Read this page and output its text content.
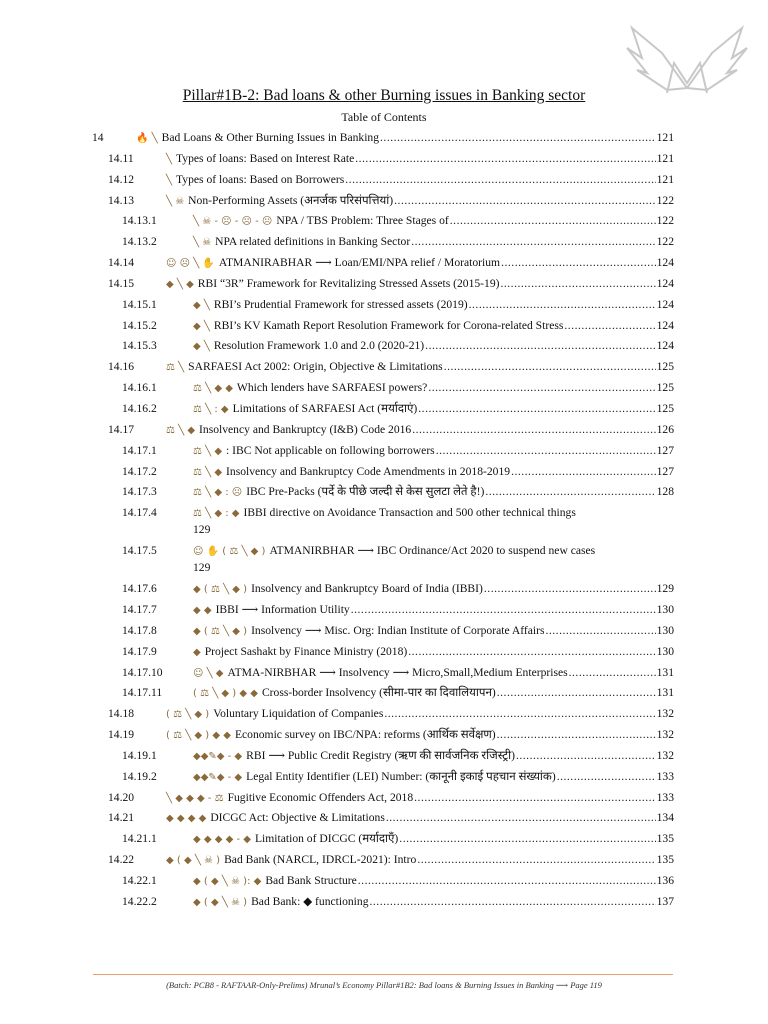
Pillar#1B-2: Bad loans & other Burning issues in Banking sector
Table of Contents
14	🔥 ╲ Bad Loans & Other Burning Issues in Banking .....	121
14.11	╲ Types of loans: Based on Interest Rate .....	121
14.12	╲ Types of loans: Based on Borrowers .....	121
14.13	╲ ☠ Non-Performing Assets (अनर्जक परिसंपत्तियां) .....	122
14.13.1	╲ ☠ - ☹ - ☹ - ☹ NPA / TBS Problem: Three Stages of .....	122
14.13.2	╲ ☠ NPA related definitions in Banking Sector .....	122
14.14	☺ ☹ ╲ ✋ ATMANIRABHAR ⟶ Loan/EMI/NPA relief / Moratorium .....	124
14.15	◆ ╲ ◆ RBI “3R” Framework for Revitalizing Stressed Assets (2015-19) .....	124
14.15.1	◆ ╲ RBI’s Prudential Framework for stressed assets (2019) .....	124
14.15.2	◆ ╲ RBI’s KV Kamath Report Resolution Framework for Corona-related Stress .....	124
14.15.3	◆ ╲ Resolution Framework 1.0 and 2.0 (2020-21) .....	124
14.16	⚖ ╲ SARFAESI Act 2002: Origin, Objective & Limitations .....	125
14.16.1	⚖ ╲ ◆ ◆ Which lenders have SARFAESI powers? .....	125
14.16.2	⚖ ╲ : ◆ Limitations of SARFAESI Act (मर्यादाएं) .....	125
14.17	⚖ ╲ ◆ Insolvency and Bankruptcy (I&B) Code 2016 .....	126
14.17.1	⚖ ╲ ◆ : IBC Not applicable on following borrowers .....	127
14.17.2	⚖ ╲ ◆ Insolvency and Bankruptcy Code Amendments in 2018-2019 .....	127
14.17.3	⚖ ╲ ◆ : ☹ IBC Pre-Packs (पर्दे के पीछे जल्दी से केस सुलटा लेते है!) .....	128
14.17.4	⚖ ╲ ◆ : ◆ IBBI directive on Avoidance Transaction and 500 other technical things
129
14.17.5	☺ ✋ ( ⚖ ╲ ◆ ) ATMANIRBHAR ⟶ IBC Ordinance/Act 2020 to suspend new cases
129
14.17.6	◆ ( ⚖ ╲ ◆ ) Insolvency and Bankruptcy Board of India (IBBI) .....	129
14.17.7	◆ ◆ IBBI ⟶ Information Utility .....	130
14.17.8	◆ ( ⚖ ╲ ◆ ) Insolvency ⟶ Misc. Org: Indian Institute of Corporate Affairs .....	130
14.17.9	◆ Project Sashakt by Finance Ministry (2018) .....	130
14.17.10	☺ ╲ ◆ ATMA-NIRBHAR ⟶ Insolvency ⟶ Micro,Small,Medium Enterprises .....	131
14.17.11	( ⚖ ╲ ◆ ) ◆ ◆ Cross-border Insolvency (सीमा-पार का दिवालियापन) .....	131
14.18	( ⚖ ╲ ◆ ) Voluntary Liquidation of Companies .....	132
14.19	( ⚖ ╲ ◆ ) ◆ ◆ Economic survey on IBC/NPA: reforms (आर्थिक सर्वेक्षण) .....	132
14.19.1	◆◆✎◆ - ◆ RBI ⟶ Public Credit Registry (ऋण की सार्वजनिक रजिस्ट्री) .....	132
14.19.2	◆◆✎◆ - ◆ Legal Entity Identifier (LEI) Number: (कानूनी इकाई पहचान संख्यांक) .....	133
14.20	╲ ◆ ◆ ◆ - ⚖ Fugitive Economic Offenders Act, 2018 .....	133
14.21	◆ ◆ ◆ ◆ DICGC Act: Objective & Limitations .....	134
14.21.1	◆ ◆ ◆ ◆ - ◆ Limitation of DICGC (मर्यादाएँ) .....	135
14.22	◆ ( ◆ ╲ ☠ ) Bad Bank (NARCL, IDRCL-2021): Intro .....	135
14.22.1	◆ ( ◆ ╲ ☠ ): ◆ Bad Bank Structure .....	136
14.22.2	◆ ( ◆ ╲ ☠ ) Bad Bank: ◆ functioning .....	137
(Batch: PCB8 - RAFTAAR-Only-Prelims) Mrunal’s Economy Pillar#1B2: Bad loans & Burning Issues in Banking ⟶ Page 119
